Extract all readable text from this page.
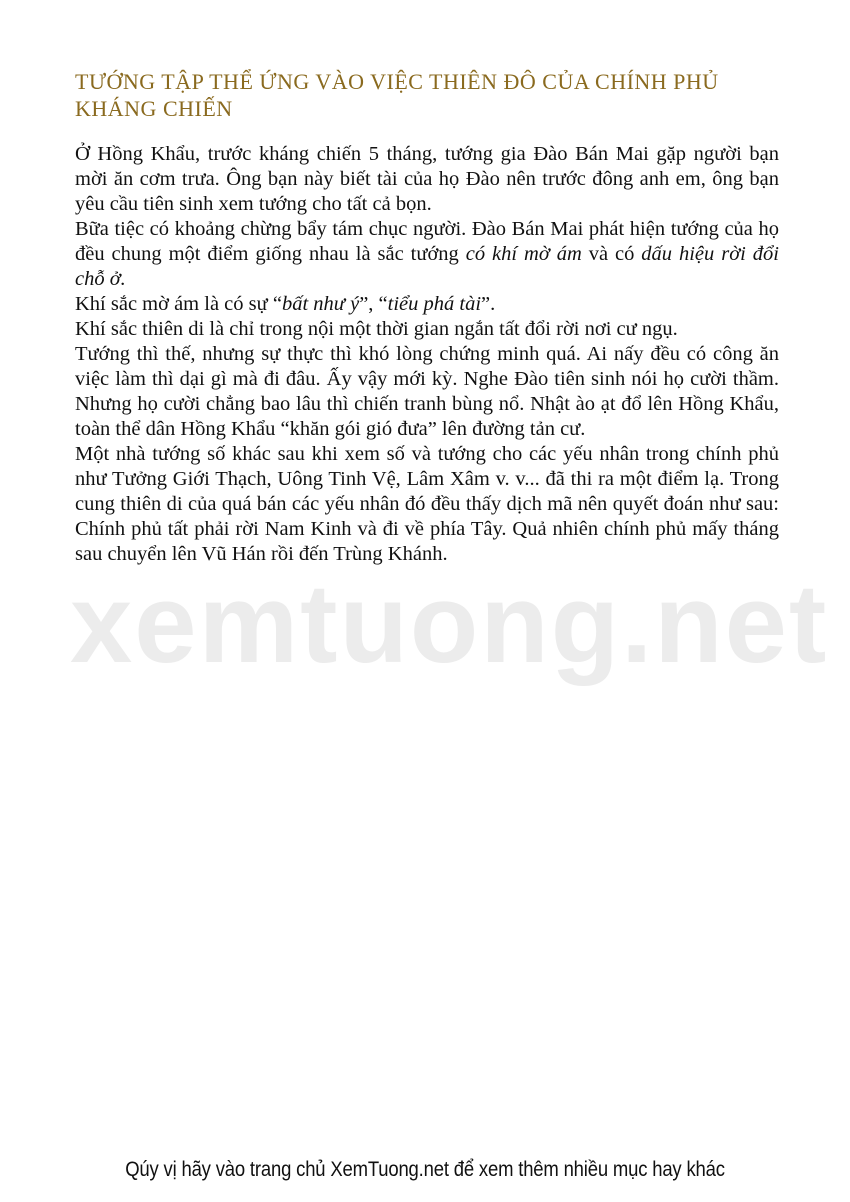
xemtuong.net
TƯỚNG TẬP THỂ ỨNG VÀO VIỆC THIÊN ĐÔ CỦA CHÍNH PHỦ KHÁNG CHIẾN

Ở Hồng Khẩu, trước kháng chiến 5 tháng, tướng gia Đào Bán Mai gặp người bạn mời ăn cơm trưa. Ông bạn này biết tài của họ Đào nên trước đông anh em, ông bạn yêu cầu tiên sinh xem tướng cho tất cả bọn.

Bữa tiệc có khoảng chừng bẩy tám chục người. Đào Bán Mai phát hiện tướng của họ đều chung một điểm giống nhau là sắc tướng có khí mờ ám và có dấu hiệu rời đổi chỗ ở.

Khí sắc mờ ám là có sự “bất như ý”, “tiểu phá tài”.

Khí sắc thiên di là chỉ trong nội một thời gian ngắn tất đổi rời nơi cư ngụ.

Tướng thì thế, nhưng sự thực thì khó lòng chứng minh quá. Ai nấy đều có công ăn việc làm thì dại gì mà đi đâu. Ấy vậy mới kỳ. Nghe Đào tiên sinh nói họ cười thầm. Nhưng họ cười chẳng bao lâu thì chiến tranh bùng nổ. Nhật ào ạt đổ lên Hồng Khẩu, toàn thể dân Hồng Khẩu “khăn gói gió đưa” lên đường tản cư.

Một nhà tướng số khác sau khi xem số và tướng cho các yếu nhân trong chính phủ như Tưởng Giới Thạch, Uông Tinh Vệ, Lâm Xâm v. v... đã thi ra một điểm lạ. Trong cung thiên di của quá bán các yếu nhân đó đều thấy dịch mã nên quyết đoán như sau: Chính phủ tất phải rời Nam Kinh và đi về phía Tây. Quả nhiên chính phủ mấy tháng sau chuyển lên Vũ Hán rồi đến Trùng Khánh.

Qúy vị hãy vào trang chủ XemTuong.net để xem thêm nhiều mục hay khác
